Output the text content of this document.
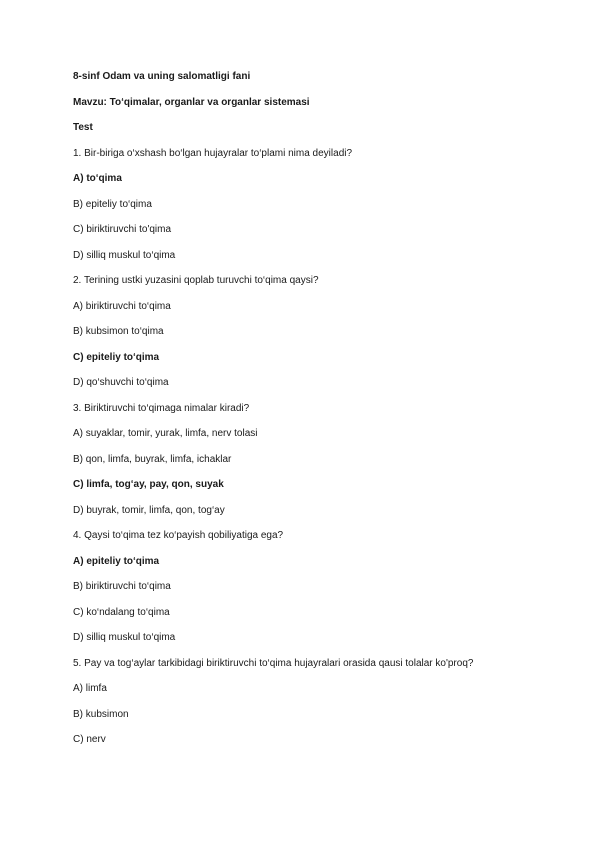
8-sinf Odam va uning salomatligi fani
Mavzu: To‘qimalar, organlar va organlar sistemasi
Test
1. Bir-biriga o‘xshash bo‘lgan hujayralar to‘plami nima deyiladi?
A) to‘qima
B) epiteliy to‘qima
C) biriktiruvchi to'qima
D) silliq muskul to‘qima
2. Terining ustki yuzasini qoplab turuvchi to‘qima qaysi?
A) biriktiruvchi to‘qima
B) kubsimon to‘qima
C) epiteliy to‘qima
D) qo‘shuvchi to‘qima
3. Biriktiruvchi to‘qimaga nimalar kiradi?
A) suyaklar, tomir, yurak, limfa, nerv tolasi
B) qon, limfa, buyrak, limfa, ichaklar
C) limfa, tog‘ay, pay, qon, suyak
D) buyrak, tomir, limfa, qon, tog‘ay
4. Qaysi to‘qima tez ko‘payish qobiliyatiga ega?
A) epiteliy to‘qima
B) biriktiruvchi to‘qima
C) ko‘ndalang to‘qima
D) silliq muskul to‘qima
5. Pay va tog‘aylar tarkibidagi biriktiruvchi to‘qima hujayralari orasida qausi tolalar ko'proq?
A) limfa
B) kubsimon
C) nerv
